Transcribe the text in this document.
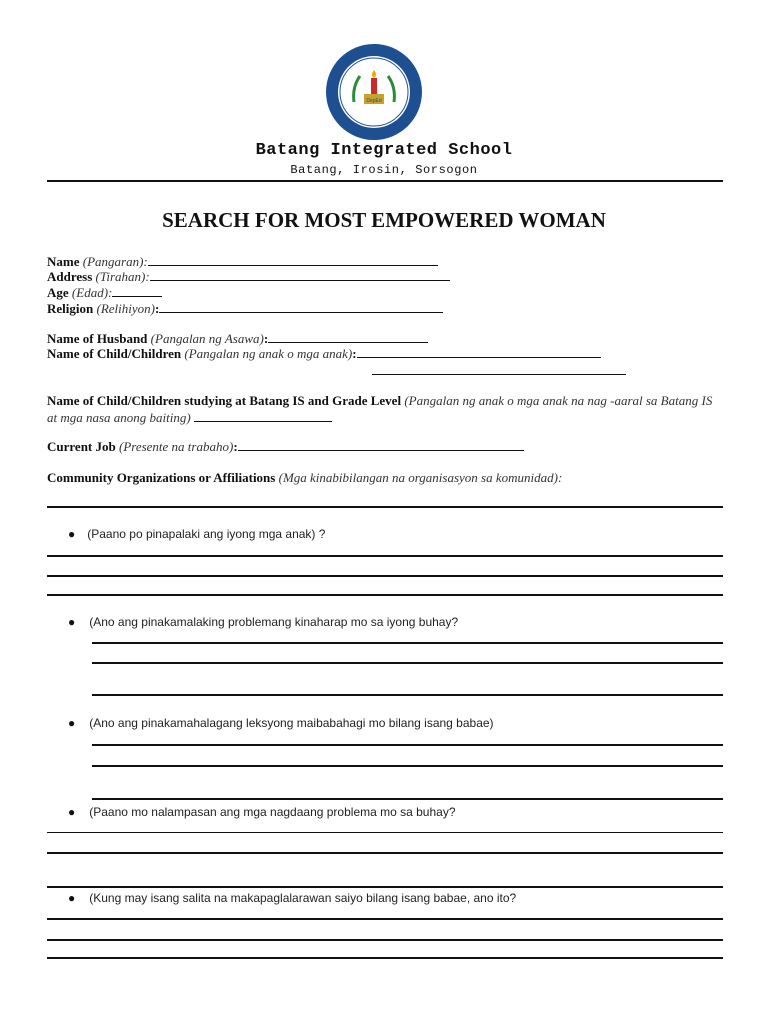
DepEd
Batang Integrated School
Batang, Irosin, Sorsogon
SEARCH FOR MOST EMPOWERED WOMAN
Name (Pangaran):
Address (Tirahan):
Age (Edad):
Religion (Relihiyon):
Name of Husband (Pangalan ng Asawa):
Name of Child/Children (Pangalan ng anak o mga anak):
Name of Child/Children studying at Batang IS and Grade Level (Pangalan ng anak o mga anak na nag -aaral sa Batang IS at mga nasa anong baiting)
Current Job (Presente na trabaho):
Community Organizations or Affiliations (Mga kinabibilangan na organisasyon sa komunidad):
● (Paano po pinapalaki ang iyong mga anak) ?
● (Ano ang pinakamalaking problemang kinaharap mo sa iyong buhay?
● (Ano ang pinakamahalagang leksyong maibabahagi mo bilang isang babae)
● (Paano mo nalampasan ang mga nagdaang problema mo sa buhay?
● (Kung may isang salita na makapaglalarawan saiyo bilang isang babae, ano ito?
